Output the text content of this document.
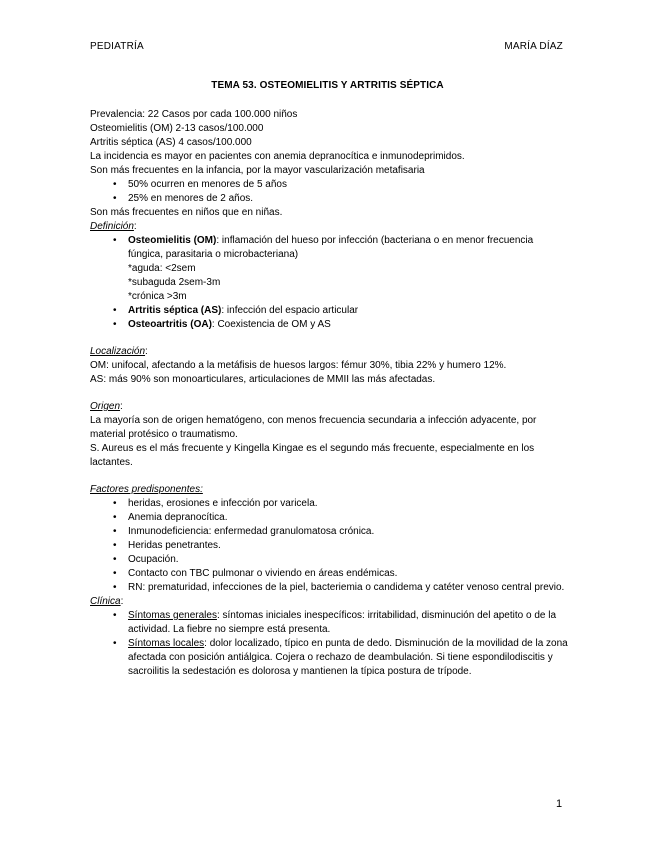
PEDIATRÍA	MARÍA DÍAZ
TEMA 53. OSTEOMIELITIS Y ARTRITIS SÉPTICA

Prevalencia: 22 Casos por cada 100.000 niños

Osteomielitis (OM) 2-13 casos/100.000

Artritis séptica (AS) 4 casos/100.000

La incidencia es mayor en pacientes con anemia depranocítica e inmunodeprimidos.

Son más frecuentes en la infancia, por la mayor vascularización metafisaria

• 50% ocurren en menores de 5 años
• 25% en menores de 2 años.

Son más frecuentes en niños que en niñas.

Definición:

• Osteomielitis (OM): inflamación del hueso por infección (bacteriana o en menor frecuencia fúngica, parasitaria o microbacteriana)
*aguda: <2sem
*subaguda 2sem-3m
*crónica >3m
• Artritis séptica (AS): infección del espacio articular
• Osteoartritis (OA): Coexistencia de OM y AS

Localización:

OM: unifocal, afectando a la metáfisis de huesos largos: fémur 30%, tibia 22% y humero 12%.

AS: más 90% son monoarticulares, articulaciones de MMII las más afectadas.

Origen:

La mayoría son de origen hematógeno, con menos frecuencia secundaria a infección adyacente, por material protésico o traumatismo.

S. Aureus es el más frecuente y Kingella Kingae es el segundo más frecuente, especialmente en los lactantes.

Factores predisponentes:

• heridas, erosiones e infección por varicela.
• Anemia depranocítica.
• Inmunodeficiencia: enfermedad granulomatosa crónica.
• Heridas penetrantes.
• Ocupación.
• Contacto con TBC pulmonar o viviendo en áreas endémicas.
• RN: prematuridad, infecciones de la piel, bacteriemia o candidema y catéter venoso central previo.

Clínica:

• Síntomas generales: síntomas iniciales inespecíficos: irritabilidad, disminución del apetito o de la actividad. La fiebre no siempre está presenta.
• Síntomas locales: dolor localizado, típico en punta de dedo. Disminución de la movilidad de la zona afectada con posición antiálgica. Cojera o rechazo de deambulación. Si tiene espondilodiscitis y sacroilitis la sedestación es dolorosa y mantienen la típica postura de trípode.
1
